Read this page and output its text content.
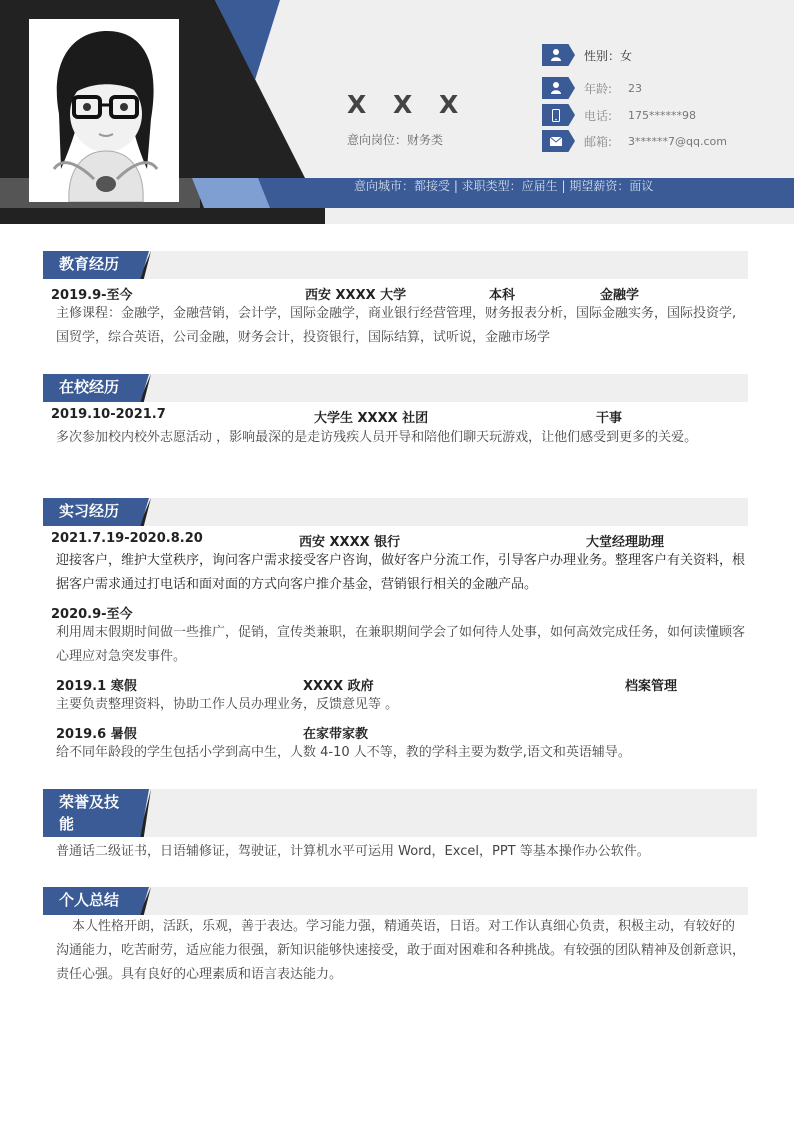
X X X
意向岗位：财务类
性别：女
年龄: 23
电话: 175******98
邮箱: 3******7@qq.com
意向城市：都接受 | 求职类型：应届生 | 期望薪资：面议
教育经历
2019.9-至今	西安 XXXX 大学	本科	金融学
主修课程：金融学，金融营销，会计学，国际金融学，商业银行经营管理，财务报表分析，国际金融实务，国际投资学,国贸学，综合英语，公司金融，财务会计，投资银行，国际结算，试听说，金融市场学
在校经历
2019.10-2021.7	大学生 XXXX 社团	干事
多次参加校内校外志愿活动 ，影响最深的是走访残疾人员开导和陪他们聊天玩游戏，让他们感受到更多的关爱。
实习经历
2021.7.19-2020.8.20	西安 XXXX 银行	大堂经理助理
迎接客户，维护大堂秩序，询问客户需求接受客户咨询，做好客户分流工作，引导客户办理业务。整理客户有关资料，根据客户需求通过打电话和面对面的方式向客户推介基金，营销银行相关的金融产品。
2020.9-至今
利用周末假期时间做一些推广，促销，宣传类兼职，在兼职期间学会了如何待人处事，如何高效完成任务，如何读懂顾客心理应对急突发事件。
2019.1 寒假	XXXX 政府	档案管理
主要负责整理资料，协助工作人员办理业务，反馈意见等 。
2019.6 暑假	在家带家教
给不同年龄段的学生包括小学到高中生，人数 4-10 人不等，教的学科主要为数学,语文和英语辅导。
荣誉及技
能
普通话二级证书，日语辅修证，驾驶证，计算机水平可运用 Word，Excel，PPT 等基本操作办公软件。
个人总结
本人性格开朗，活跃，乐观，善于表达。学习能力强，精通英语，日语。对工作认真细心负责，积极主动，有较好的沟通能力，吃苦耐劳，适应能力很强，新知识能够快速接受，敢于面对困难和各种挑战。有较强的团队精神及创新意识，责任心强。具有良好的心理素质和语言表达能力。
